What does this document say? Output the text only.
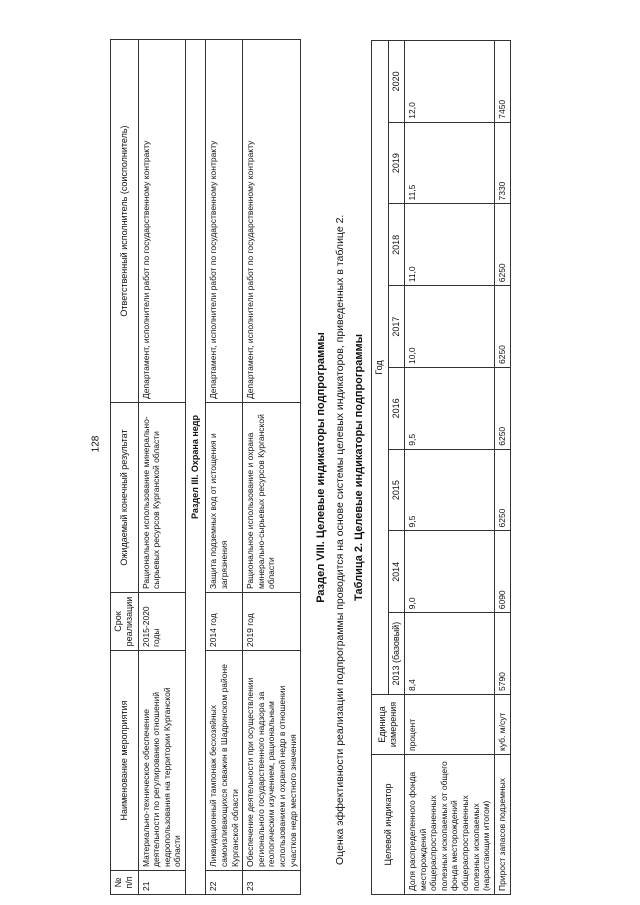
128
№ п/п	Наименование мероприятия	Срок реализации	Ожидаемый конечный результат	Ответственный исполнитель (соисполнитель)
21	Материально-техническое обеспечение деятельности по регулированию отношений недропользования на территории Курганской области	2015-2020 годы	Рациональное использование минерально-сырьевых ресурсов Курганской области	Департамент, исполнители работ по государственному контракту
Раздел III. Охрана недр				
22	Ликвидационный тампонаж бесхозяйных самоизливающихся скважин в Шадринском районе Курганской области	2014 год	Защита подземных вод от истощения и загрязнения	Департамент, исполнители работ по государственному контракту
23	Обеспечение деятельности при осуществлении регионального государственного надзора за геологическим изучением, рациональным использованием и охраной недр в отношении участков недр местного значения	2019 год	Рациональное использование и охрана минерально-сырьевых ресурсов Курганской области	Департамент, исполнители работ по государственному контракту
Раздел VIII. Целевые индикаторы подпрограммы Оценка эффективности реализации подпрограммы проводится на основе системы целевых индикаторов, приведенных в таблице 2. Таблица 2. Целевые индикаторы подпрограммы
Целевой индикатор	Единица измерения	Год							
		2013 (базовый)	2014	2015	2016	2017	2018	2019	2020
Доля распределенного фонда месторождений общераспространенных полезных ископаемых от общего фонда месторождений общераспространенных полезных ископаемых (нарастающим итогом)	процент	8,4	9,0	9,5	9,5	10,0	11,0	11,5	12,0
Прирост запасов подземных	куб. м/сут	5790	6090	6250	6250	6250	6250	7330	7450
